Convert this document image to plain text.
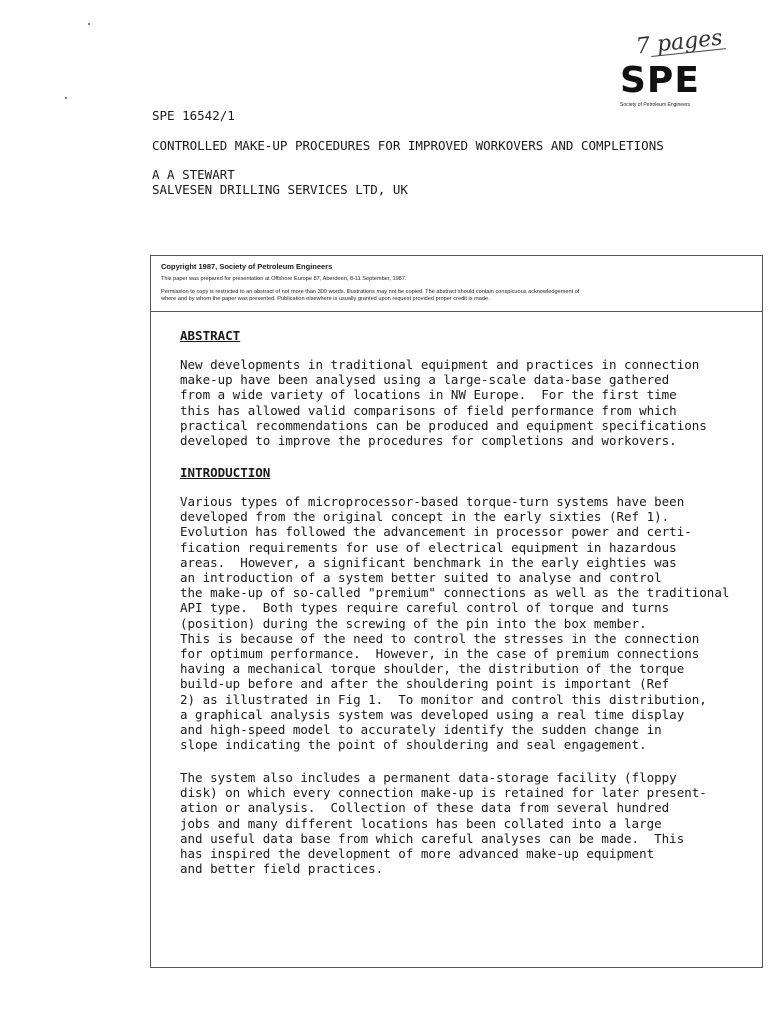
7 pages
SPE
Society of Petroleum Engineers
SPE 16542/1
CONTROLLED MAKE-UP PROCEDURES FOR IMPROVED WORKOVERS AND COMPLETIONS
A A STEWART
SALVESEN DRILLING SERVICES LTD, UK
Copyright 1987, Society of Petroleum Engineers
This paper was prepared for presentation at Offshore Europe 87, Aberdeen, 8-11 September, 1987.
Permission to copy is restricted to an abstract of not more than 300 words. Illustrations may not be copied. The abstract should contain conspicuous acknowledgement of
where and by whom the paper was presented. Publication elsewhere is usually granted upon request provided proper credit is made.
ABSTRACT
New developments in traditional equipment and practices in connection
make-up have been analysed using a large-scale data-base gathered
from a wide variety of locations in NW Europe.  For the first time
this has allowed valid comparisons of field performance from which
practical recommendations can be produced and equipment specifications
developed to improve the procedures for completions and workovers.
INTRODUCTION
Various types of microprocessor-based torque-turn systems have been
developed from the original concept in the early sixties (Ref 1).
Evolution has followed the advancement in processor power and certi-
fication requirements for use of electrical equipment in hazardous
areas.  However, a significant benchmark in the early eighties was
an introduction of a system better suited to analyse and control
the make-up of so-called "premium" connections as well as the traditional
API type.  Both types require careful control of torque and turns
(position) during the screwing of the pin into the box member.
This is because of the need to control the stresses in the connection
for optimum performance.  However, in the case of premium connections
having a mechanical torque shoulder, the distribution of the torque
build-up before and after the shouldering point is important (Ref
2) as illustrated in Fig 1.  To monitor and control this distribution,
a graphical analysis system was developed using a real time display
and high-speed model to accurately identify the sudden change in
slope indicating the point of shouldering and seal engagement.
The system also includes a permanent data-storage facility (floppy
disk) on which every connection make-up is retained for later present-
ation or analysis.  Collection of these data from several hundred
jobs and many different locations has been collated into a large
and useful data base from which careful analyses can be made.  This
has inspired the development of more advanced make-up equipment
and better field practices.
